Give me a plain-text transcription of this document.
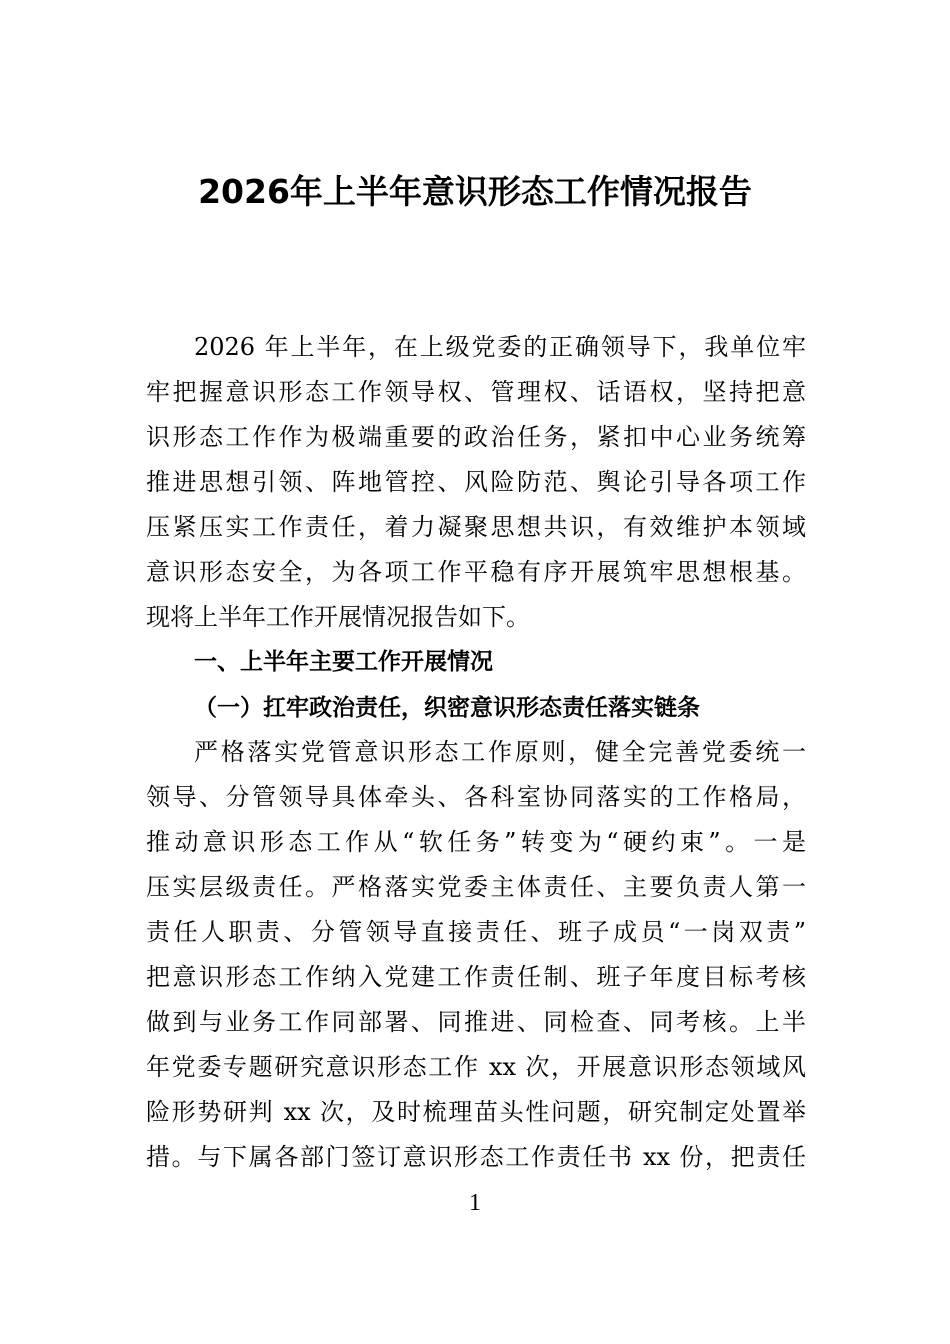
2026年上半年意识形态工作情况报告
2026 年上半年，在上级党委的正确领导下，我单位牢
牢把握意识形态工作领导权、管理权、话语权，坚持把意
识形态工作作为极端重要的政治任务，紧扣中心业务统筹
推进思想引领、阵地管控、风险防范、舆论引导各项工作
压紧压实工作责任，着力凝聚思想共识，有效维护本领域
意识形态安全，为各项工作平稳有序开展筑牢思想根基。
现将上半年工作开展情况报告如下。
一、上半年主要工作开展情况
（一）扛牢政治责任，织密意识形态责任落实链条
严格落实党管意识形态工作原则，健全完善党委统一
领导、分管领导具体牵头、各科室协同落实的工作格局，
推动意识形态工作从“软任务”转变为“硬约束”。一是
压实层级责任。严格落实党委主体责任、主要负责人第一
责任人职责、分管领导直接责任、班子成员“一岗双责”
把意识形态工作纳入党建工作责任制、班子年度目标考核
做到与业务工作同部署、同推进、同检查、同考核。上半
年党委专题研究意识形态工作 xx 次，开展意识形态领域风
险形势研判 xx 次，及时梳理苗头性问题，研究制定处置举
措。与下属各部门签订意识形态工作责任书 xx 份，把责任
1
